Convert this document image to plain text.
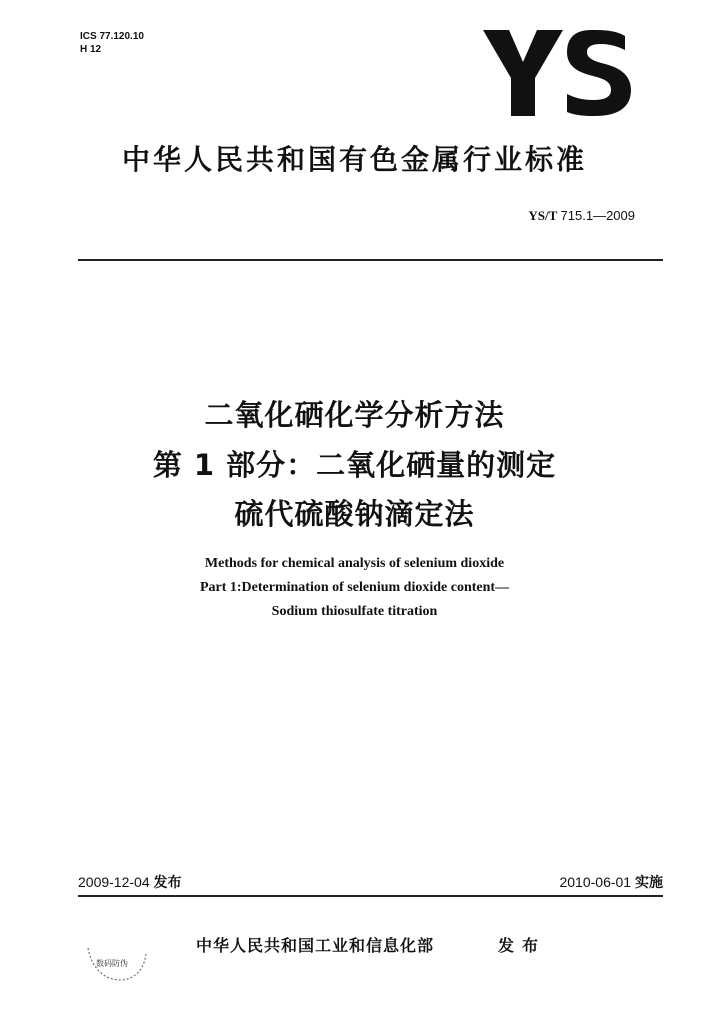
ICS 77.120.10
H 12
中华人民共和国有色金属行业标准
YS/T 715.1—2009
二氧化硒化学分析方法
第 1 部分：二氧化硒量的测定
硫代硫酸钠滴定法
Methods for chemical analysis of selenium dioxide
Part 1:Determination of selenium dioxide content—
Sodium thiosulfate titration
2009-12-04 发布	2010-06-01 实施
数码防伪
中华人民共和国工业和信息化部	发布
